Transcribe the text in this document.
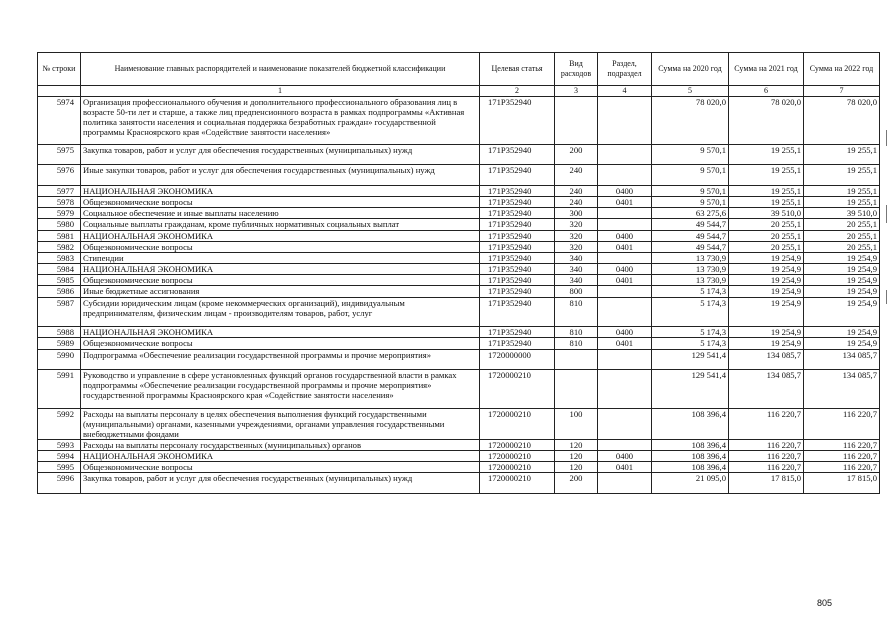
№ строки	Наименование главных распорядителей и наименование показателей бюджетной классификации	Целевая статья	Вид расходов	Раздел, подраздел	Сумма на 2020 год	Сумма на 2021 год	Сумма на 2022 год
	1	2	3	4	5	6	7
5974	Организация профессионального обучения и дополнительного профессионального образования лиц в возрасте 50-ти лет и старше, а также лиц предпенсионного возраста в рамках подпрограммы «Активная политика занятости населения и социальная поддержка безработных граждан» государственной программы Красноярского края «Содействие занятости населения»	171P352940			78 020,0	78 020,0	78 020,0
5975	Закупка товаров, работ и услуг для обеспечения государственных (муниципальных) нужд	171P352940	200		9 570,1	19 255,1	19 255,1
5976	Иные закупки товаров, работ и услуг для обеспечения государственных (муниципальных) нужд	171P352940	240		9 570,1	19 255,1	19 255,1
5977	НАЦИОНАЛЬНАЯ ЭКОНОМИКА	171P352940	240	0400	9 570,1	19 255,1	19 255,1
5978	Общеэкономические вопросы	171P352940	240	0401	9 570,1	19 255,1	19 255,1
5979	Социальное обеспечение и иные выплаты населению	171P352940	300		63 275,6	39 510,0	39 510,0
5980	Социальные выплаты гражданам, кроме публичных нормативных социальных выплат	171P352940	320		49 544,7	20 255,1	20 255,1
5981	НАЦИОНАЛЬНАЯ ЭКОНОМИКА	171P352940	320	0400	49 544,7	20 255,1	20 255,1
5982	Общеэкономические вопросы	171P352940	320	0401	49 544,7	20 255,1	20 255,1
5983	Стипендии	171P352940	340		13 730,9	19 254,9	19 254,9
5984	НАЦИОНАЛЬНАЯ ЭКОНОМИКА	171P352940	340	0400	13 730,9	19 254,9	19 254,9
5985	Общеэкономические вопросы	171P352940	340	0401	13 730,9	19 254,9	19 254,9
5986	Иные бюджетные ассигнования	171P352940	800		5 174,3	19 254,9	19 254,9
5987	Субсидии юридическим лицам (кроме некоммерческих организаций), индивидуальным предпринимателям, физическим лицам - производителям товаров, работ, услуг	171P352940	810		5 174,3	19 254,9	19 254,9
5988	НАЦИОНАЛЬНАЯ ЭКОНОМИКА	171P352940	810	0400	5 174,3	19 254,9	19 254,9
5989	Общеэкономические вопросы	171P352940	810	0401	5 174,3	19 254,9	19 254,9
5990	Подпрограмма «Обеспечение реализации государственной программы и прочие мероприятия»	1720000000			129 541,4	134 085,7	134 085,7
5991	Руководство и управление в сфере установленных функций органов государственной власти в рамках подпрограммы «Обеспечение реализации государственной программы и прочие мероприятия» государственной программы Красноярского края «Содействие занятости населения»	1720000210			129 541,4	134 085,7	134 085,7
5992	Расходы на выплаты персоналу в целях обеспечения выполнения функций государственными (муниципальными) органами, казенными учреждениями, органами управления государственными внебюджетными фондами	1720000210	100		108 396,4	116 220,7	116 220,7
5993	Расходы на выплаты персоналу государственных (муниципальных) органов	1720000210	120		108 396,4	116 220,7	116 220,7
5994	НАЦИОНАЛЬНАЯ ЭКОНОМИКА	1720000210	120	0400	108 396,4	116 220,7	116 220,7
5995	Общеэкономические вопросы	1720000210	120	0401	108 396,4	116 220,7	116 220,7
5996	Закупка товаров, работ и услуг для обеспечения государственных (муниципальных) нужд	1720000210	200		21 095,0	17 815,0	17 815,0
805
